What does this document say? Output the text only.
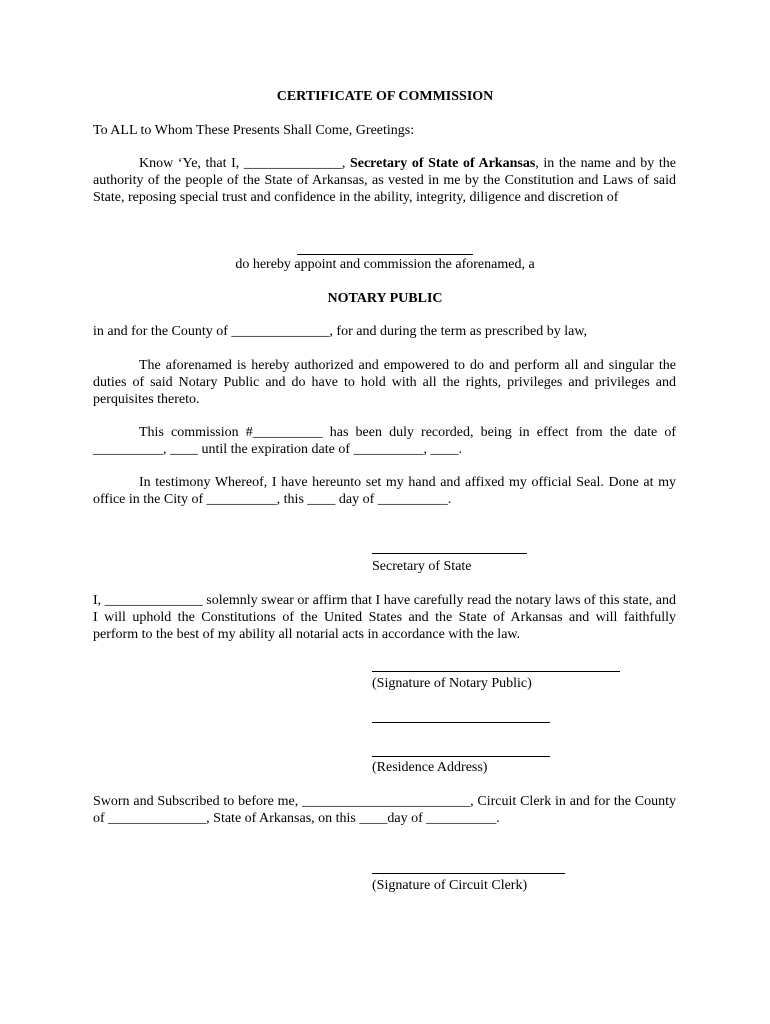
CERTIFICATE OF COMMISSION
To ALL to Whom These Presents Shall Come, Greetings:

Know ‘Ye, that I, ______________, Secretary of State of Arkansas, in the name and by the authority of the people of the State of Arkansas, as vested in me by the Constitution and Laws of said State, reposing special trust and confidence in the ability, integrity, diligence and discretion of

do hereby appoint and commission the aforenamed, a
NOTARY PUBLIC
in and for the County of ______________, for and during the term as prescribed by law,

The aforenamed is hereby authorized and empowered to do and perform all and singular the duties of said Notary Public and do have to hold with all the rights, privileges and privileges and perquisites thereto.

This commission #__________ has been duly recorded, being in effect from the date of __________, ____ until the expiration date of __________, ____.

In testimony Whereof, I have hereunto set my hand and affixed my official Seal. Done at my office in the City of __________, this ____ day of __________.

Secretary of State

I, ______________ solemnly swear or affirm that I have carefully read the notary laws of this state, and I will uphold the Constitutions of the United States and the State of Arkansas and will faithfully perform to the best of my ability all notarial acts in accordance with the law.

(Signature of Notary Public)
(Residence Address)

Sworn and Subscribed to before me, ________________________, Circuit Clerk in and for the County of ______________, State of Arkansas, on this ____day of __________.

(Signature of Circuit Clerk)
